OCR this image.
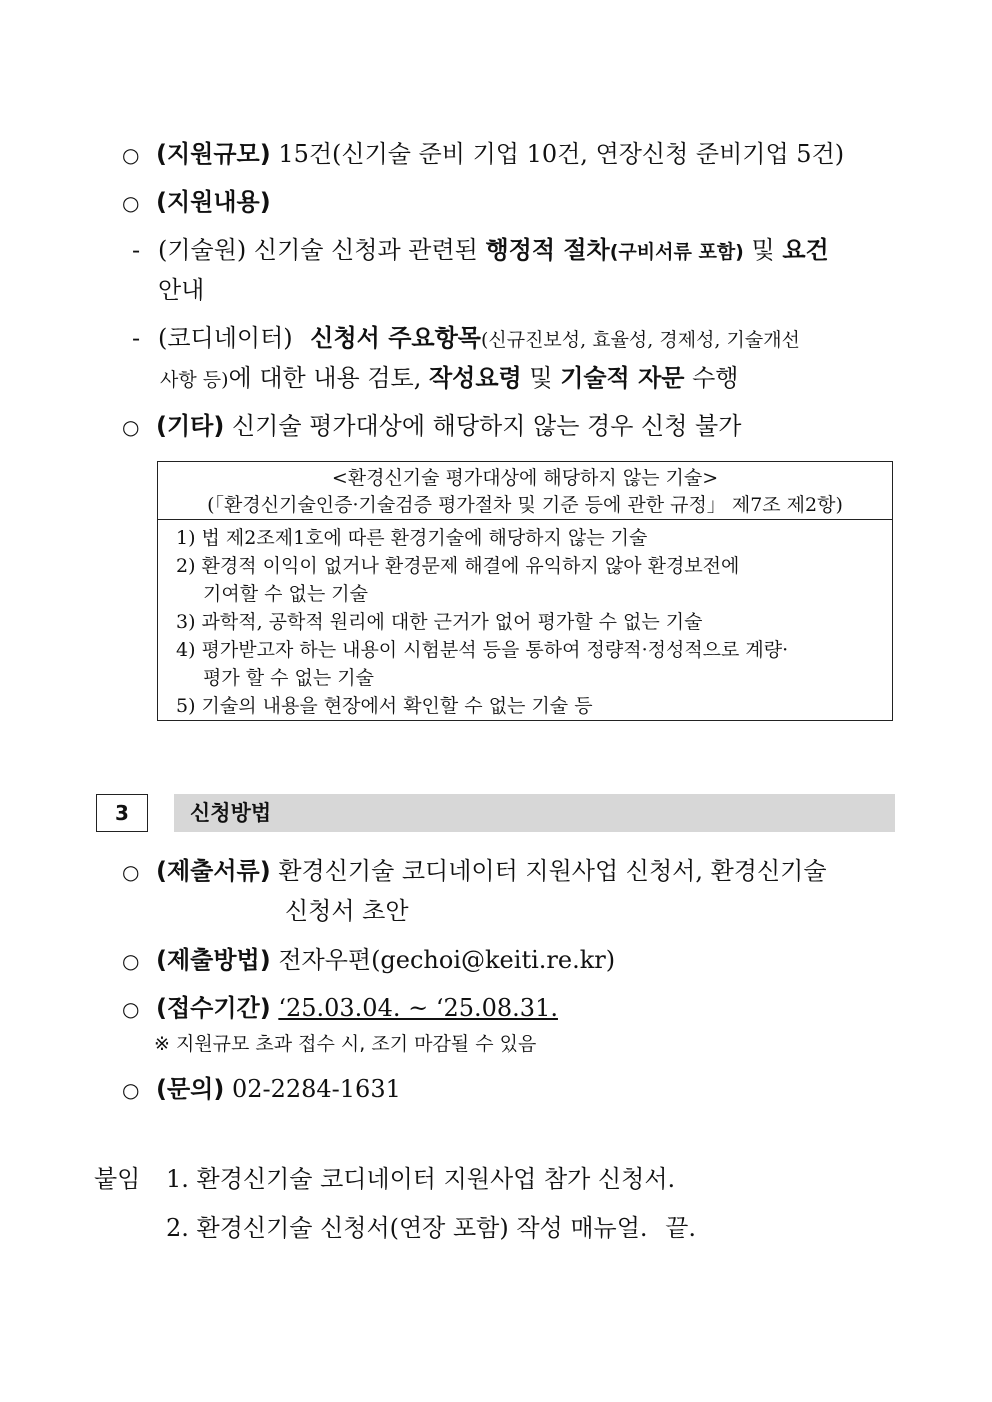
○ (지원규모) 15건(신기술 준비 기업 10건, 연장신청 준비기업 5건)
○ (지원내용)
- (기술원) 신기술 신청과 관련된 행정적 절차(구비서류 포함) 및 요건
안내
- (코디네이터) 신청서 주요항목(신규진보성, 효율성, 경제성, 기술개선
사항 등)에 대한 내용 검토, 작성요령 및 기술적 자문 수행
○ (기타) 신기술 평가대상에 해당하지 않는 경우 신청 불가
<환경신기술 평가대상에 해당하지 않는 기술>
(「환경신기술인증·기술검증 평가절차 및 기준 등에 관한 규정」 제7조 제2항)
1) 법 제2조제1호에 따른 환경기술에 해당하지 않는 기술
2) 환경적 이익이 없거나 환경문제 해결에 유익하지 않아 환경보전에
기여할 수 없는 기술
3) 과학적, 공학적 원리에 대한 근거가 없어 평가할 수 없는 기술
4) 평가받고자 하는 내용이 시험분석 등을 통하여 정량적·정성적으로 계량·
평가 할 수 없는 기술
5) 기술의 내용을 현장에서 확인할 수 없는 기술 등
3	신청방법
○ (제출서류) 환경신기술 코디네이터 지원사업 신청서, 환경신기술
신청서 초안
○ (제출방법) 전자우편(gechoi@keiti.re.kr)
○ (접수기간) ‘25.03.04. ~ ‘25.08.31.
※ 지원규모 초과 접수 시, 조기 마감될 수 있음
○ (문의) 02-2284-1631
붙임 1. 환경신기술 코디네이터 지원사업 참가 신청서.
2. 환경신기술 신청서(연장 포함) 작성 매뉴얼. 끝.
